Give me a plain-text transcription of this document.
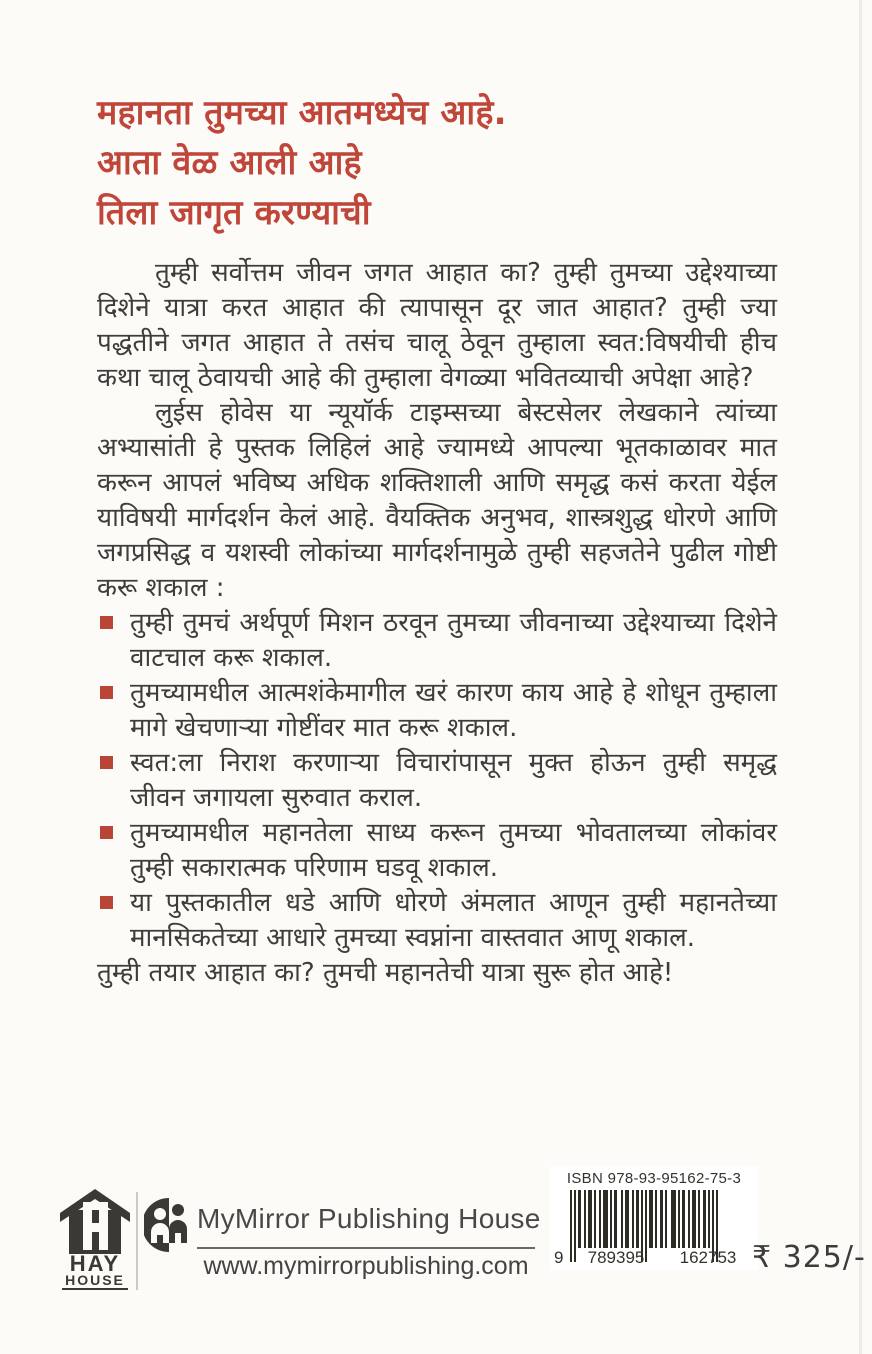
महानता तुमच्या आतमध्येच आहे.
आता वेळ आली आहे
तिला जागृत करण्याची

तुम्ही सर्वोत्तम जीवन जगत आहात का? तुम्ही तुमच्या उद्देश्याच्या दिशेने यात्रा करत आहात की त्यापासून दूर जात आहात? तुम्ही ज्या पद्धतीने जगत आहात ते तसंच चालू ठेवून तुम्हाला स्वत:विषयीची हीच कथा चालू ठेवायची आहे की तुम्हाला वेगळ्या भवितव्याची अपेक्षा आहे?

लुईस होवेस या न्यूयॉर्क टाइम्सच्या बेस्टसेलर लेखकाने त्यांच्या अभ्यासांती हे पुस्तक लिहिलं आहे ज्यामध्ये आपल्या भूतकाळावर मात करून आपलं भविष्य अधिक शक्तिशाली आणि समृद्ध कसं करता येईल याविषयी मार्गदर्शन केलं आहे. वैयक्तिक अनुभव, शास्त्रशुद्ध धोरणे आणि जगप्रसिद्ध व यशस्वी लोकांच्या मार्गदर्शनामुळे तुम्ही सहजतेने पुढील गोष्टी करू शकाल :

तुम्ही तुमचं अर्थपूर्ण मिशन ठरवून तुमच्या जीवनाच्या उद्देश्याच्या दिशेने वाटचाल करू शकाल.
तुमच्यामधील आत्मशंकेमागील खरं कारण काय आहे हे शोधून तुम्हाला मागे खेचणाऱ्या गोष्टींवर मात करू शकाल.
स्वत:ला निराश करणाऱ्या विचारांपासून मुक्त होऊन तुम्ही समृद्ध जीवन जगायला सुरुवात कराल.
तुमच्यामधील महानतेला साध्य करून तुमच्या भोवतालच्या लोकांवर तुम्ही सकारात्मक परिणाम घडवू शकाल.
या पुस्तकातील धडे आणि धोरणे अंमलात आणून तुम्ही महानतेच्या मानसिकतेच्या आधारे तुमच्या स्वप्नांना वास्तवात आणू शकाल.

तुम्ही तयार आहात का? तुमची महानतेची यात्रा सुरू होत आहे!

HAY
HOUSE
MyMirror Publishing House
www.mymirrorpublishing.com
ISBN 978-93-95162-75-3
9	789395	162753 ₹ 325/-
